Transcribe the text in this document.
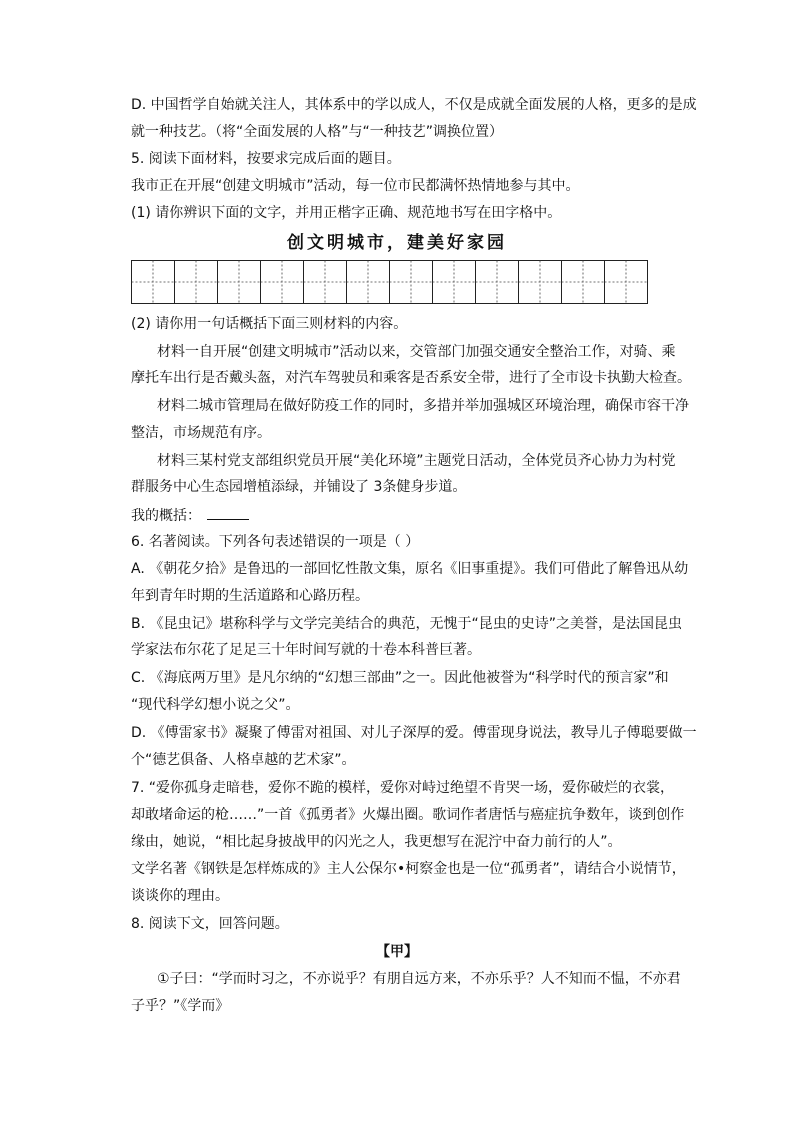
D. 中国哲学自始就关注人，其体系中的学以成人，不仅是成就全面发展的人格，更多的是成
就一种技艺。（将“全面发展的人格”与“一种技艺”调换位置）
5. 阅读下面材料，按要求完成后面的题目。
我市正在开展“创建文明城市”活动，每一位市民都满怀热情地参与其中。
(1) 请你辨识下面的文字，并用正楷字正确、规范地书写在田字格中。
创文明城市，建美好家园
(2) 请你用一句话概括下面三则材料的内容。
材料一自开展“创建文明城市”活动以来，交管部门加强交通安全整治工作，对骑、乘
摩托车出行是否戴头盔，对汽车驾驶员和乘客是否系安全带，进行了全市设卡执勤大检查。
材料二城市管理局在做好防疫工作的同时，多措并举加强城区环境治理，确保市容干净
整洁，市场规范有序。
材料三某村党支部组织党员开展“美化环境”主题党日活动，全体党员齐心协力为村党
群服务中心生态园增植添绿，并铺设了 3条健身步道。
我的概括：
6. 名著阅读。下列各句表述错误的一项是（ ）
A. 《朝花夕拾》是鲁迅的一部回忆性散文集，原名《旧事重提》。我们可借此了解鲁迅从幼
年到青年时期的生活道路和心路历程。
B. 《昆虫记》堪称科学与文学完美结合的典范，无愧于“昆虫的史诗”之美誉，是法国昆虫
学家法布尔花了足足三十年时间写就的十卷本科普巨著。
C. 《海底两万里》是凡尔纳的“幻想三部曲”之一。因此他被誉为“科学时代的预言家”和
“现代科学幻想小说之父”。
D. 《傅雷家书》凝聚了傅雷对祖国、对儿子深厚的爱。傅雷现身说法，教导儿子傅聪要做一
个“德艺俱备、人格卓越的艺术家”。
7. “爱你孤身走暗巷，爱你不跪的模样，爱你对峙过绝望不肯哭一场，爱你破烂的衣裳，
却敢堵命运的枪……”一首《孤勇者》火爆出圈。歌词作者唐恬与癌症抗争数年，谈到创作
缘由，她说，“相比起身披战甲的闪光之人，我更想写在泥泞中奋力前行的人”。
文学名著《钢铁是怎样炼成的》主人公保尔•柯察金也是一位“孤勇者”，请结合小说情节，
谈谈你的理由。
8. 阅读下文，回答问题。
【甲】
①子曰：“学而时习之，不亦说乎？有朋自远方来，不亦乐乎？人不知而不愠，不亦君
子乎？”《学而》
